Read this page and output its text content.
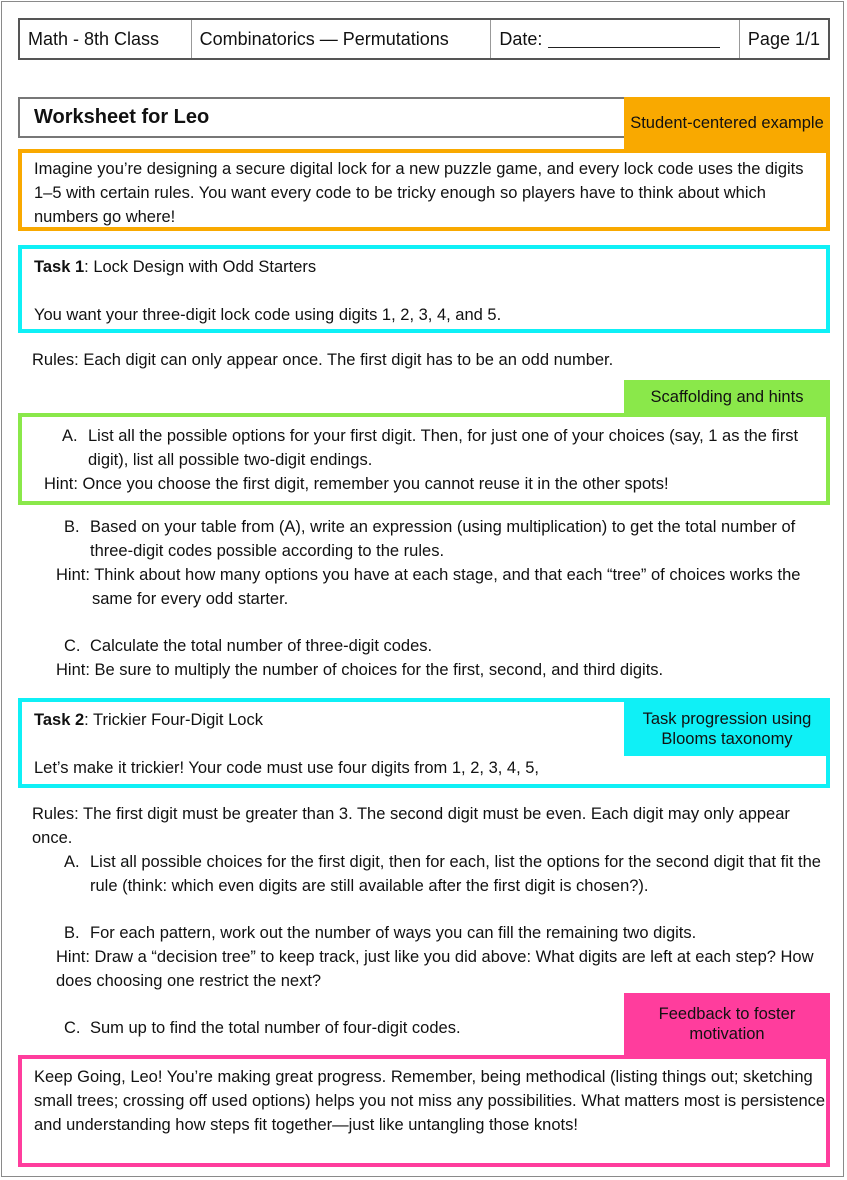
Math - 8th Class	Combinatorics — Permutations	Date:	Page 1/1
Worksheet for Leo	Student-centered example
Imagine you’re designing a secure digital lock for a new puzzle game, and every lock code uses the digits 1–5 with certain rules. You want every code to be tricky enough so players have to think about which numbers go where!
Task 1: Lock Design with Odd Starters
You want your three-digit lock code using digits 1, 2, 3, 4, and 5.
Rules: Each digit can only appear once. The first digit has to be an odd number.
Scaffolding and hints
A. List all the possible options for your first digit. Then, for just one of your choices (say, 1 as the first digit), list all possible two-digit endings.
Hint: Once you choose the first digit, remember you cannot reuse it in the other spots!
B. Based on your table from (A), write an expression (using multiplication) to get the total number of three-digit codes possible according to the rules.
Hint: Think about how many options you have at each stage, and that each “tree” of choices works the same for every odd starter.
C. Calculate the total number of three-digit codes.
Hint: Be sure to multiply the number of choices for the first, second, and third digits.
Task 2: Trickier Four-Digit Lock
Let’s make it trickier! Your code must use four digits from 1, 2, 3, 4, 5,
Task progression using Blooms taxonomy
Rules: The first digit must be greater than 3. The second digit must be even. Each digit may only appear once.
A. List all possible choices for the first digit, then for each, list the options for the second digit that fit the rule (think: which even digits are still available after the first digit is chosen?).
B. For each pattern, work out the number of ways you can fill the remaining two digits.
Hint: Draw a “decision tree” to keep track, just like you did above: What digits are left at each step? How does choosing one restrict the next?
C. Sum up to find the total number of four-digit codes.
Feedback to foster motivation
Keep Going, Leo! You’re making great progress. Remember, being methodical (listing things out; sketching small trees; crossing off used options) helps you not miss any possibilities. What matters most is persistence and understanding how steps fit together—just like untangling those knots!
